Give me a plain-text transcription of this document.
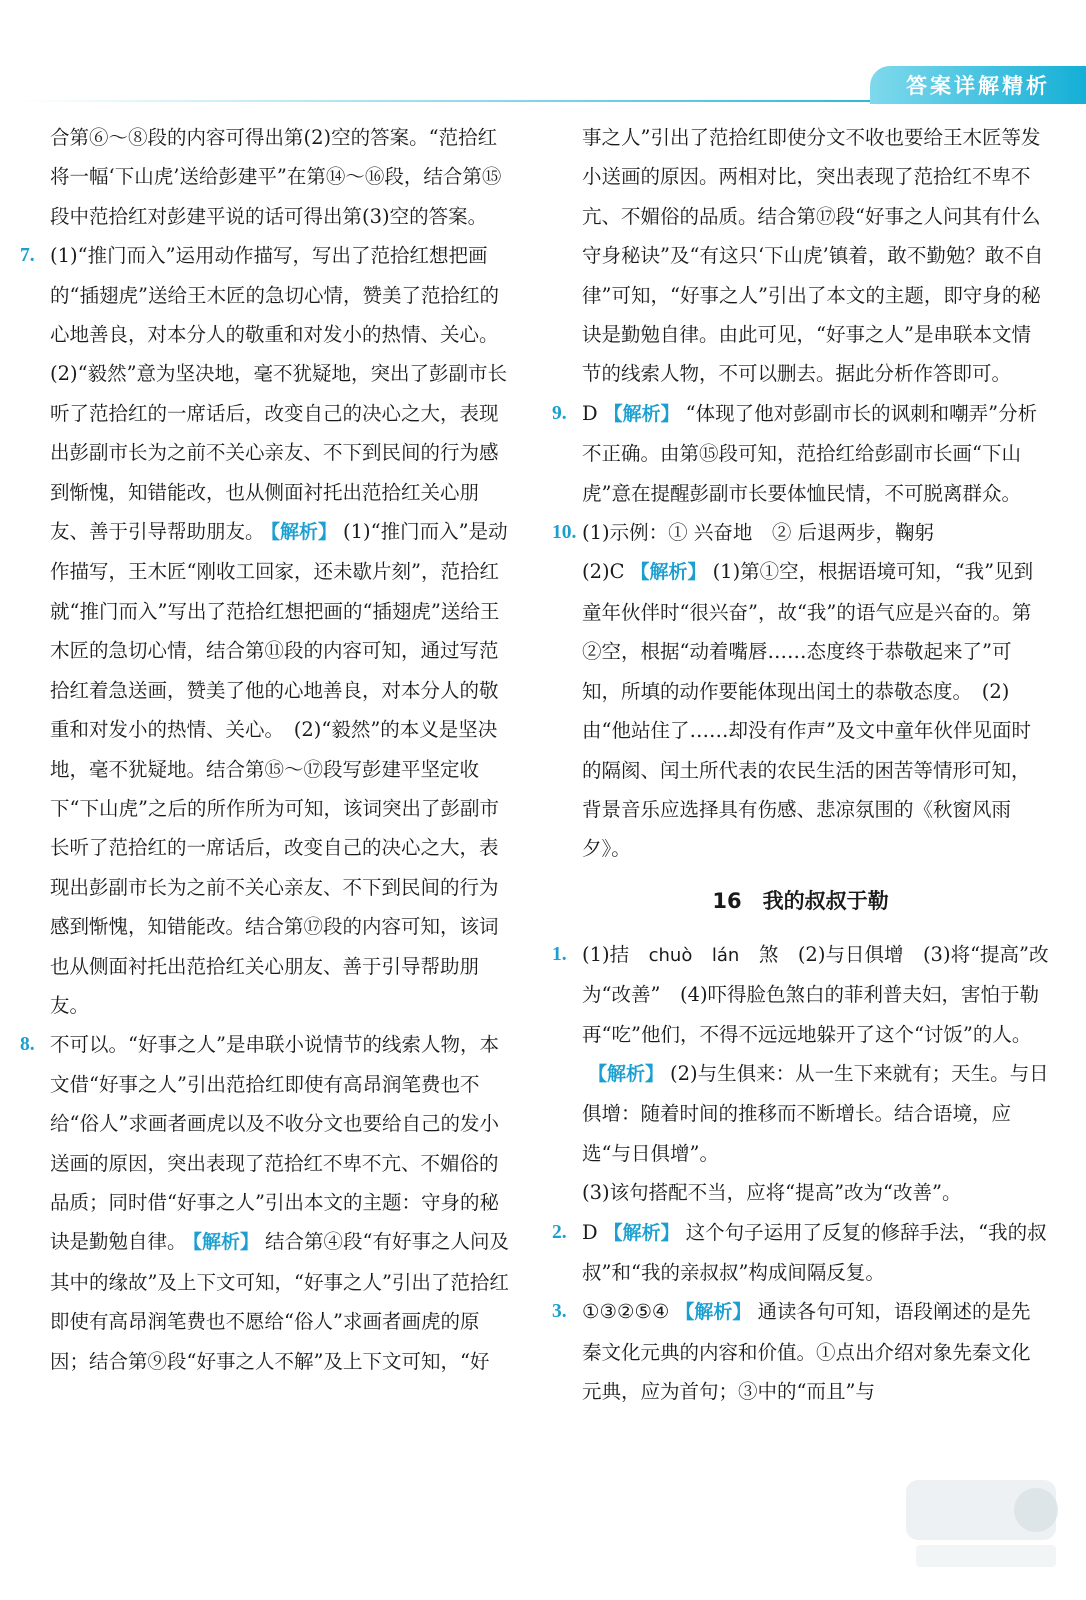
答案详解精析
合第⑥～⑧段的内容可得出第(2)空的答案。“范拾红将一幅‘下山虎’送给彭建平”在第⑭～⑯段，结合第⑮段中范拾红对彭建平说的话可得出第(3)空的答案。
7. (1)“推门而入”运用动作描写，写出了范拾红想把画的“插翅虎”送给王木匠的急切心情，赞美了范拾红的心地善良，对本分人的敬重和对发小的热情、关心。　(2)“毅然”意为坚决地，毫不犹疑地，突出了彭副市长听了范拾红的一席话后，改变自己的决心之大，表现出彭副市长为之前不关心亲友、不下到民间的行为感到惭愧，知错能改，也从侧面衬托出范拾红关心朋友、善于引导帮助朋友。 【解析】 (1)“推门而入”是动作描写，王木匠“刚收工回家，还未歇片刻”，范拾红就“推门而入”写出了范拾红想把画的“插翅虎”送给王木匠的急切心情，结合第⑪段的内容可知，通过写范拾红着急送画，赞美了他的心地善良，对本分人的敬重和对发小的热情、关心。　(2)“毅然”的本义是坚决地，毫不犹疑地。结合第⑮～⑰段写彭建平坚定收下“下山虎”之后的所作所为可知，该词突出了彭副市长听了范拾红的一席话后，改变自己的决心之大，表现出彭副市长为之前不关心亲友、不下到民间的行为感到惭愧，知错能改。结合第⑰段的内容可知，该词也从侧面衬托出范拾红关心朋友、善于引导帮助朋友。
8. 不可以。“好事之人”是串联小说情节的线索人物，本文借“好事之人”引出范拾红即使有高昂润笔费也不给“俗人”求画者画虎以及不收分文也要给自己的发小送画的原因，突出表现了范拾红不卑不亢、不媚俗的品质；同时借“好事之人”引出本文的主题：守身的秘诀是勤勉自律。 【解析】 结合第④段“有好事之人问及其中的缘故”及上下文可知，“好事之人”引出了范拾红即使有高昂润笔费也不愿给“俗人”求画者画虎的原因；结合第⑨段“好事之人不解”及上下文可知，“好
事之人”引出了范拾红即使分文不收也要给王木匠等发小送画的原因。两相对比，突出表现了范拾红不卑不亢、不媚俗的品质。结合第⑰段“好事之人问其有什么守身秘诀”及“有这只‘下山虎’镇着，敢不勤勉？敢不自律”可知，“好事之人”引出了本文的主题，即守身的秘诀是勤勉自律。由此可见，“好事之人”是串联本文情节的线索人物，不可以删去。据此分析作答即可。
9. D 【解析】 “体现了他对彭副市长的讽刺和嘲弄”分析不正确。由第⑮段可知，范拾红给彭副市长画“下山虎”意在提醒彭副市长要体恤民情，不可脱离群众。
10. (1)示例：① 兴奋地　② 后退两步，鞠躬
(2)C 【解析】 (1)第①空，根据语境可知，“我”见到童年伙伴时“很兴奋”，故“我”的语气应是兴奋的。第②空，根据“动着嘴唇……态度终于恭敬起来了”可知，所填的动作要能体现出闰土的恭敬态度。　(2)由“他站住了……却没有作声”及文中童年伙伴见面时的隔阂、闰土所代表的农民生活的困苦等情形可知，背景音乐应选择具有伤感、悲凉氛围的《秋窗风雨夕》。
16　 我的叔叔于勒
1. (1)拮　chuò　 lán　煞　(2)与日俱增　(3)将“提高”改为“改善”　(4)吓得脸色煞白的菲利普夫妇，害怕于勒再“吃”他们，不得不远远地躲开了这个“讨饭”的人。【解析】 (2)与生俱来：从一生下来就有；天生。与日俱增：随着时间的推移而不断增长。结合语境，应选“与日俱增”。
(3)该句搭配不当，应将“提高”改为“改善”。
2. D 【解析】 这个句子运用了反复的修辞手法，“我的叔叔”和“我的亲叔叔”构成间隔反复。
3. ①③②⑤④ 【解析】 通读各句可知，语段阐述的是先秦文化元典的内容和价值。①点出介绍对象先秦文化元典，应为首句；③中的“而且”与
